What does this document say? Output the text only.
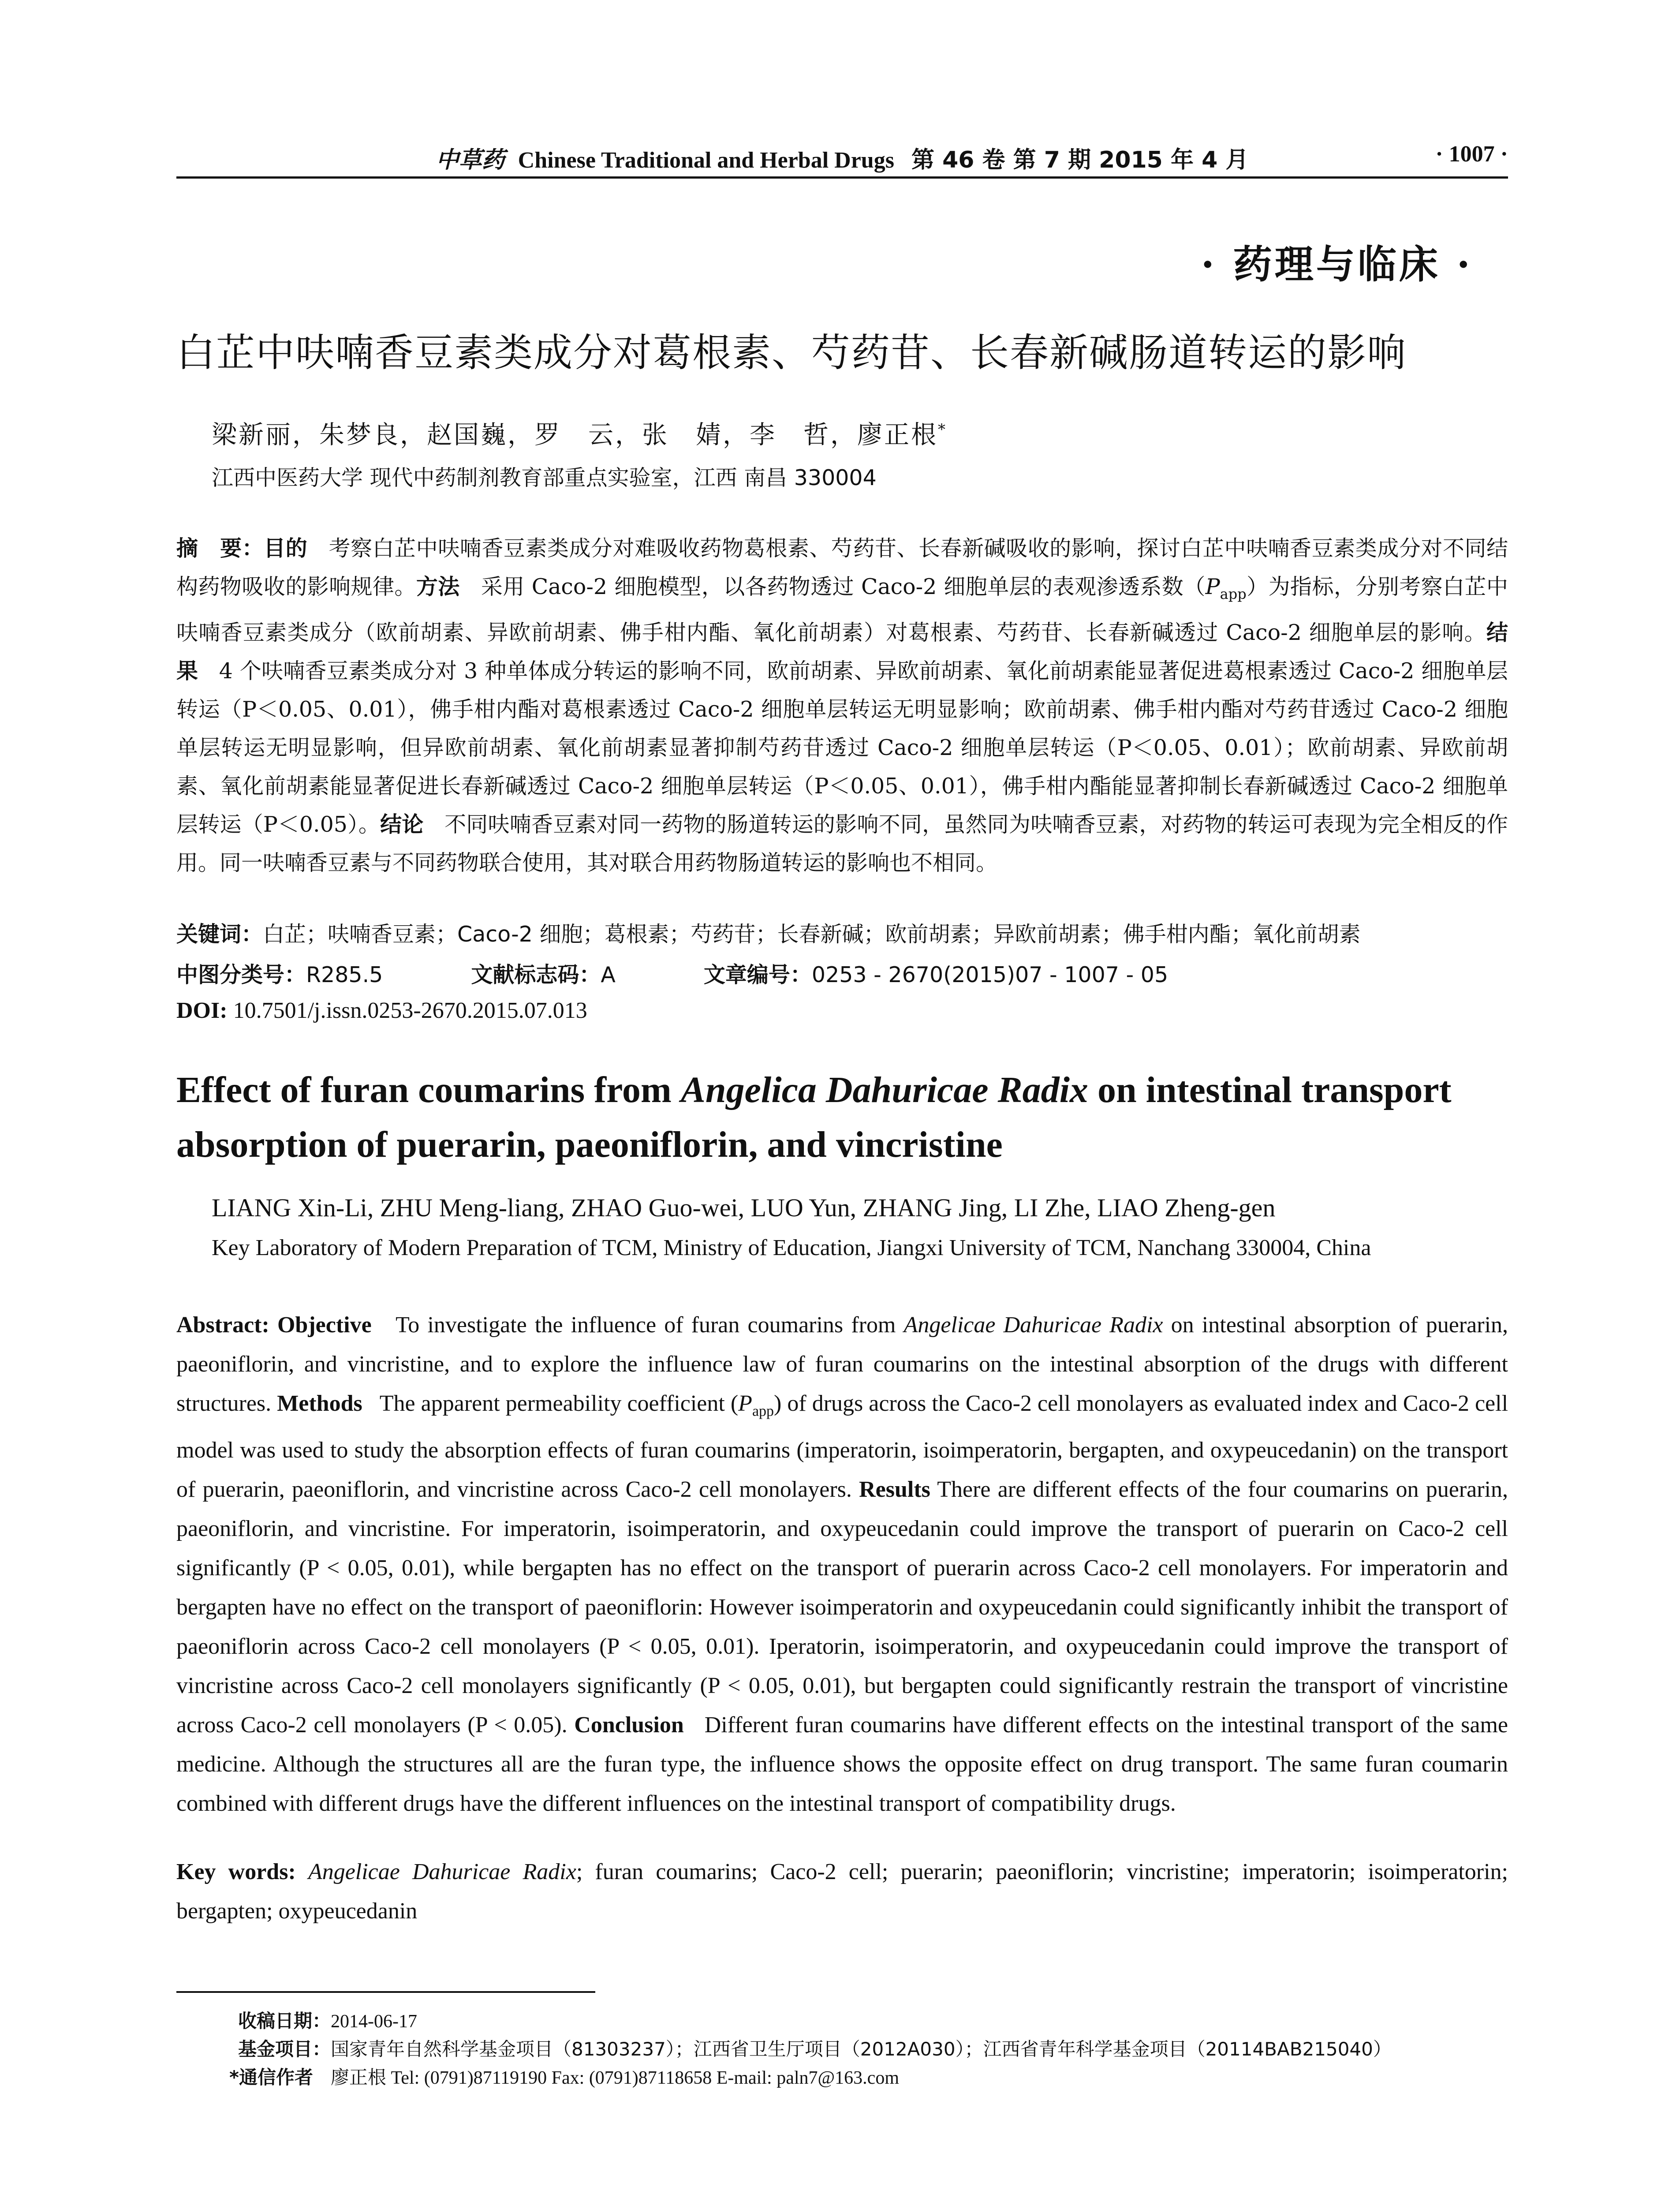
中草药 Chinese Traditional and Herbal Drugs 第 46 卷 第 7 期 2015 年 4 月	· 1007 ·
· 药理与临床 ·
白芷中呋喃香豆素类成分对葛根素、芍药苷、长春新碱肠道转运的影响
梁新丽，朱梦良，赵国巍，罗　云，张　婧，李　哲，廖正根*
江西中医药大学 现代中药制剂教育部重点实验室，江西 南昌 330004
摘　要：目的 考察白芷中呋喃香豆素类成分对难吸收药物葛根素、芍药苷、长春新碱吸收的影响，探讨白芷中呋喃香豆素类成分对不同结构药物吸收的影响规律。方法 采用 Caco-2 细胞模型，以各药物透过 Caco-2 细胞单层的表观渗透系数$(P_{app})$为指标，分别考察白芷中呋喃香豆素类成分（欧前胡素、异欧前胡素、佛手柑内酯、氧化前胡素）对葛根素、芍药苷、长春新碱透过 Caco-2 细胞单层的影响。结果 4 个呋喃香豆素类成分对 3 种单体成分转运的影响不同，欧前胡素、异欧前胡素、氧化前胡素能显著促进葛根素透过 Caco-2 细胞单层转运（P＜0.05、0.01），佛手柑内酯对葛根素透过 Caco-2 细胞单层转运无明显影响；欧前胡素、佛手柑内酯对芍药苷透过 Caco-2 细胞单层转运无明显影响，但异欧前胡素、氧化前胡素显著抑制芍药苷透过 Caco-2 细胞单层转运（P＜0.05、0.01）；欧前胡素、异欧前胡素、氧化前胡素能显著促进长春新碱透过 Caco-2 细胞单层转运（P＜0.05、0.01），佛手柑内酯能显著抑制长春新碱透过 Caco-2 细胞单层转运（P＜0.05）。结论 不同呋喃香豆素对同一药物的肠道转运的影响不同，虽然同为呋喃香豆素，对药物的转运可表现为完全相反的作用。同一呋喃香豆素与不同药物联合使用，其对联合用药物肠道转运的影响也不相同。
关键词：白芷；呋喃香豆素；Caco-2 细胞；葛根素；芍药苷；长春新碱；欧前胡素；异欧前胡素；佛手柑内酯；氧化前胡素
中图分类号：R285.5	文献标志码：A	文章编号：0253 - 2670(2015)07 - 1007 - 05
DOI: 10.7501/j.issn.0253-2670.2015.07.013
Effect of furan coumarins from Angelica Dahuricae Radix on intestinal transport absorption of puerarin, paeoniflorin, and vincristine
LIANG Xin-Li, ZHU Meng-liang, ZHAO Guo-wei, LUO Yun, ZHANG Jing, LI Zhe, LIAO Zheng-gen
Key Laboratory of Modern Preparation of TCM, Ministry of Education, Jiangxi University of TCM, Nanchang 330004, China
Abstract: Objective To investigate the influence of furan coumarins from Angelicae Dahuricae Radix on intestinal absorption of puerarin, paeoniflorin, and vincristine, and to explore the influence law of furan coumarins on the intestinal absorption of the drugs with different structures. Methods The apparent permeability coefficient $(P_{app})$ of drugs across the Caco-2 cell monolayers as evaluated index and Caco-2 cell model was used to study the absorption effects of furan coumarins (imperatorin, isoimperatorin, bergapten, and oxypeucedanin) on the transport of puerarin, paeoniflorin, and vincristine across Caco-2 cell monolayers. Results There are different effects of the four coumarins on puerarin, paeoniflorin, and vincristine. For imperatorin, isoimperatorin, and oxypeucedanin could improve the transport of puerarin on Caco-2 cell significantly (P < 0.05, 0.01), while bergapten has no effect on the transport of puerarin across Caco-2 cell monolayers. For imperatorin and bergapten have no effect on the transport of paeoniflorin: However isoimperatorin and oxypeucedanin could significantly inhibit the transport of paeoniflorin across Caco-2 cell monolayers (P < 0.05, 0.01). Iperatorin, isoimperatorin, and oxypeucedanin could improve the transport of vincristine across Caco-2 cell monolayers significantly (P < 0.05, 0.01), but bergapten could significantly restrain the transport of vincristine across Caco-2 cell monolayers (P < 0.05). Conclusion Different furan coumarins have different effects on the intestinal transport of the same medicine. Although the structures all are the furan type, the influence shows the opposite effect on drug transport. The same furan coumarin combined with different drugs have the different influences on the intestinal transport of compatibility drugs.
Key words: Angelicae Dahuricae Radix; furan coumarins; Caco-2 cell; puerarin; paeoniflorin; vincristine; imperatorin; isoimperatorin; bergapten; oxypeucedanin
收稿日期：2014-06-17
基金项目：国家青年自然科学基金项目（81303237）；江西省卫生厅项目（2012A030）；江西省青年科学基金项目（20114BAB215040）
*通信作者 廖正根 Tel: (0791)87119190 Fax: (0791)87118658 E-mail: paln7@163.com
